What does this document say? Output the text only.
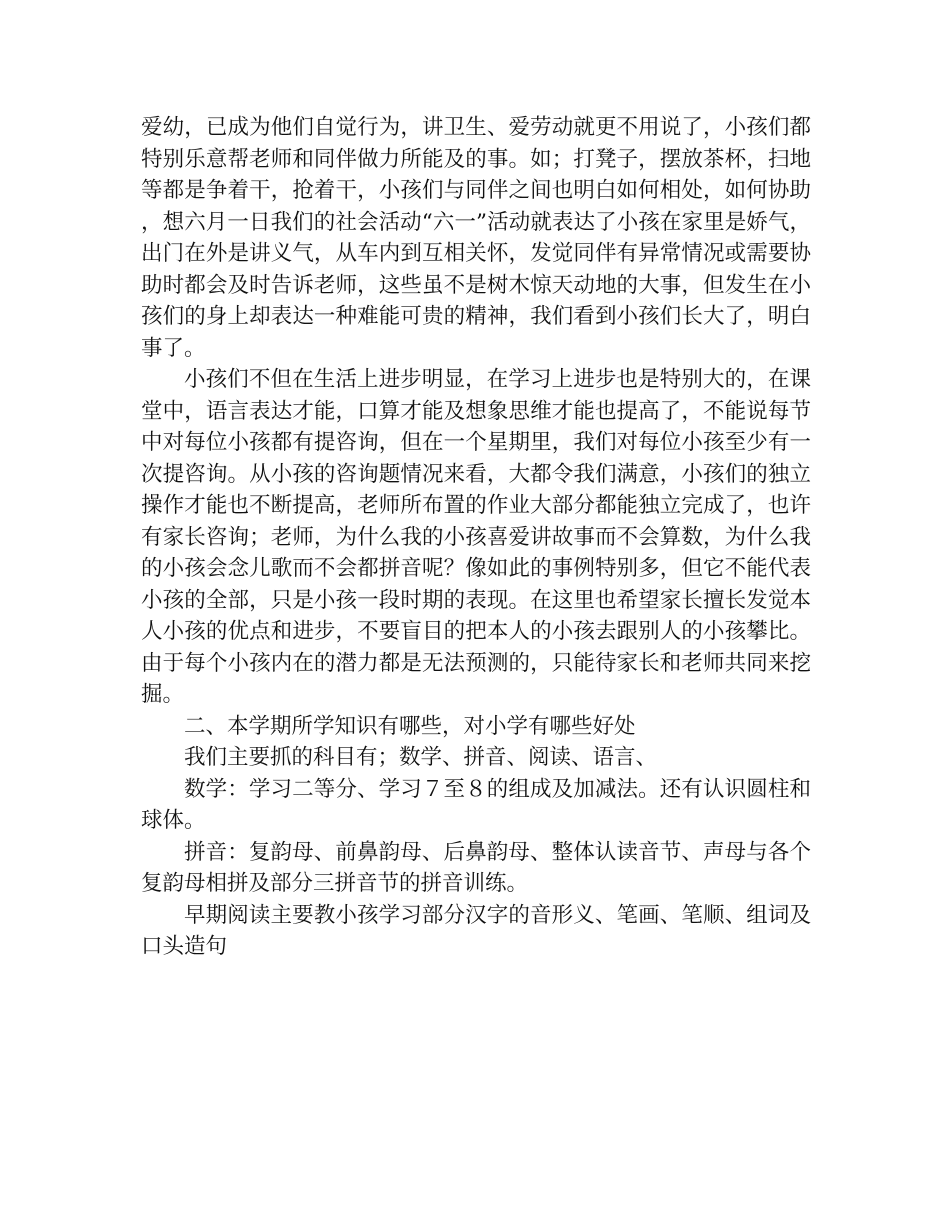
爱幼，已成为他们自觉行为，讲卫生、爱劳动就更不用说了，小孩们都特别乐意帮老师和同伴做力所能及的事。如；打凳子，摆放茶杯，扫地等都是争着干，抢着干，小孩们与同伴之间也明白如何相处，如何协助，想六月一日我们的社会活动“六一”活动就表达了小孩在家里是娇气，出门在外是讲义气，从车内到互相关怀，发觉同伴有异常情况或需要协助时都会及时告诉老师，这些虽不是树木惊天动地的大事，但发生在小孩们的身上却表达一种难能可贵的精神，我们看到小孩们长大了，明白事了。

小孩们不但在生活上进步明显，在学习上进步也是特别大的，在课堂中，语言表达才能，口算才能及想象思维才能也提高了，不能说每节中对每位小孩都有提咨询，但在一个星期里，我们对每位小孩至少有一次提咨询。从小孩的咨询题情况来看，大都令我们满意，小孩们的独立操作才能也不断提高，老师所布置的作业大部分都能独立完成了，也许有家长咨询；老师，为什么我的小孩喜爱讲故事而不会算数，为什么我的小孩会念儿歌而不会都拼音呢？像如此的事例特别多，但它不能代表小孩的全部，只是小孩一段时期的表现。在这里也希望家长擅长发觉本人小孩的优点和进步，不要盲目的把本人的小孩去跟别人的小孩攀比。由于每个小孩内在的潜力都是无法预测的，只能待家长和老师共同来挖掘。

二、本学期所学知识有哪些，对小学有哪些好处

我们主要抓的科目有；数学、拼音、阅读、语言、

数学：学习二等分、学习７至８的组成及加减法。还有认识圆柱和球体。

拼音：复韵母、前鼻韵母、后鼻韵母、整体认读音节、声母与各个复韵母相拼及部分三拼音节的拼音训练。

早期阅读主要教小孩学习部分汉字的音形义、笔画、笔顺、组词及口头造句
